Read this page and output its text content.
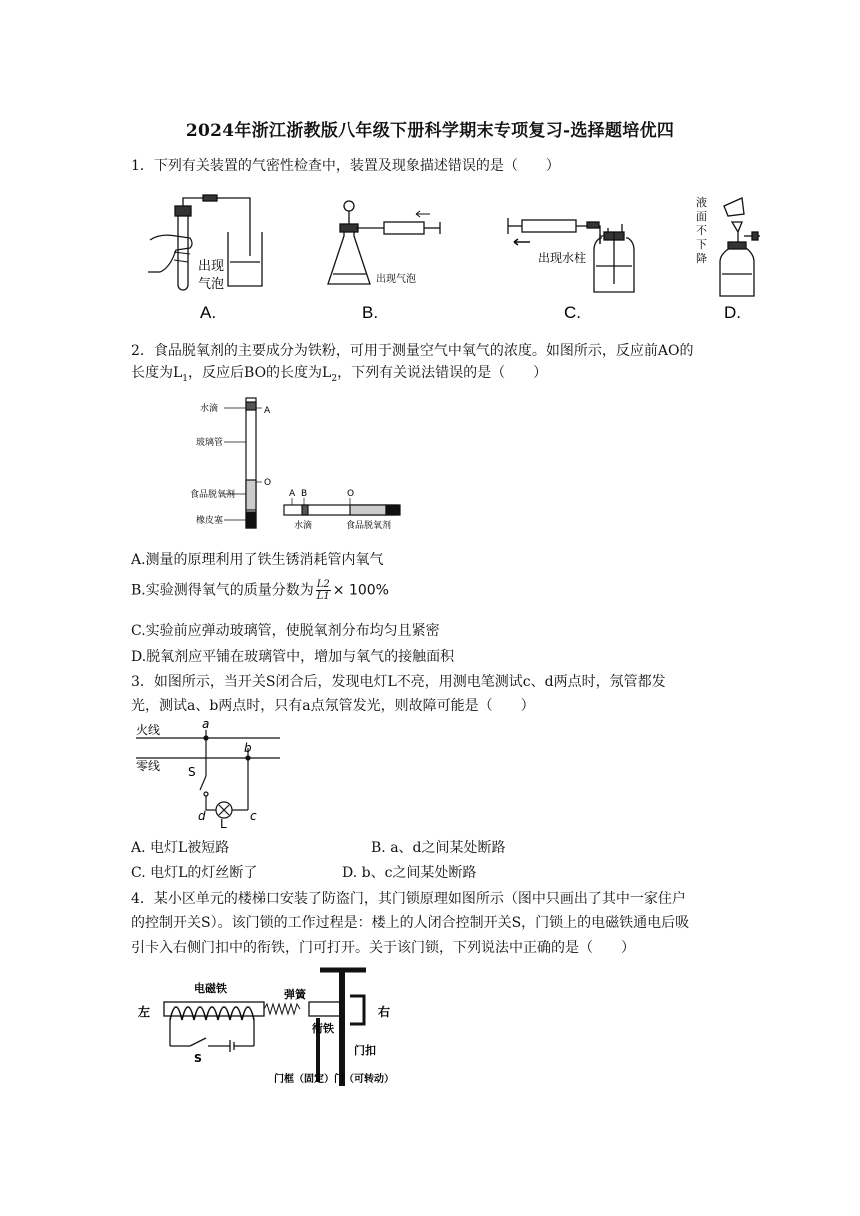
2024年浙江浙教版八年级下册科学期末专项复习-选择题培优四
1．下列有关装置的气密性检查中，装置及现象描述错误的是（　　）
出现
气泡
A.
出现气泡
B.
出现水柱
C.
液
面
不
下
降
D.
2．食品脱氧剂的主要成分为铁粉，可用于测量空气中氧气的浓度。如图所示，反应前AO的
长度为$L_1$，反应后BO的长度为$L_2$，下列有关说法错误的是（　　）
水滴	A
玻璃管
O
食品脱氧剂
橡皮塞
A B	O
水滴	食品脱氧剂
A.测量的原理利用了铁生锈消耗管内氧气
B.实验测得氧气的质量分数为 $\frac{L2}{L1} \times 100\%$
C.实验前应弹动玻璃管，使脱氧剂分布均匀且紧密
D.脱氧剂应平铺在玻璃管中，增加与氧气的接触面积
3．如图所示，当开关S闭合后，发现电灯L不亮，用测电笔测试c、d两点时，氖管都发
光，测试a、b两点时，只有a点氖管发光，则故障可能是（　　）
火线
零线
a
b
S
d	c
L
A. 电灯L被短路	B. a、d之间某处断路
C. 电灯L的灯丝断了	D. b、c之间某处断路
4．某小区单元的楼梯口安装了防盗门，其门锁原理如图所示（图中只画出了其中一家住户
的控制开关S）。该门锁的工作过程是：楼上的人闭合控制开关S，门锁上的电磁铁通电后吸
引卡入右侧门扣中的衔铁，门可打开。关于该门锁，下列说法中正确的是（　　）
左
电磁铁	弹簧
衔铁
右
门扣
S
门框（固定）门（可转动）
